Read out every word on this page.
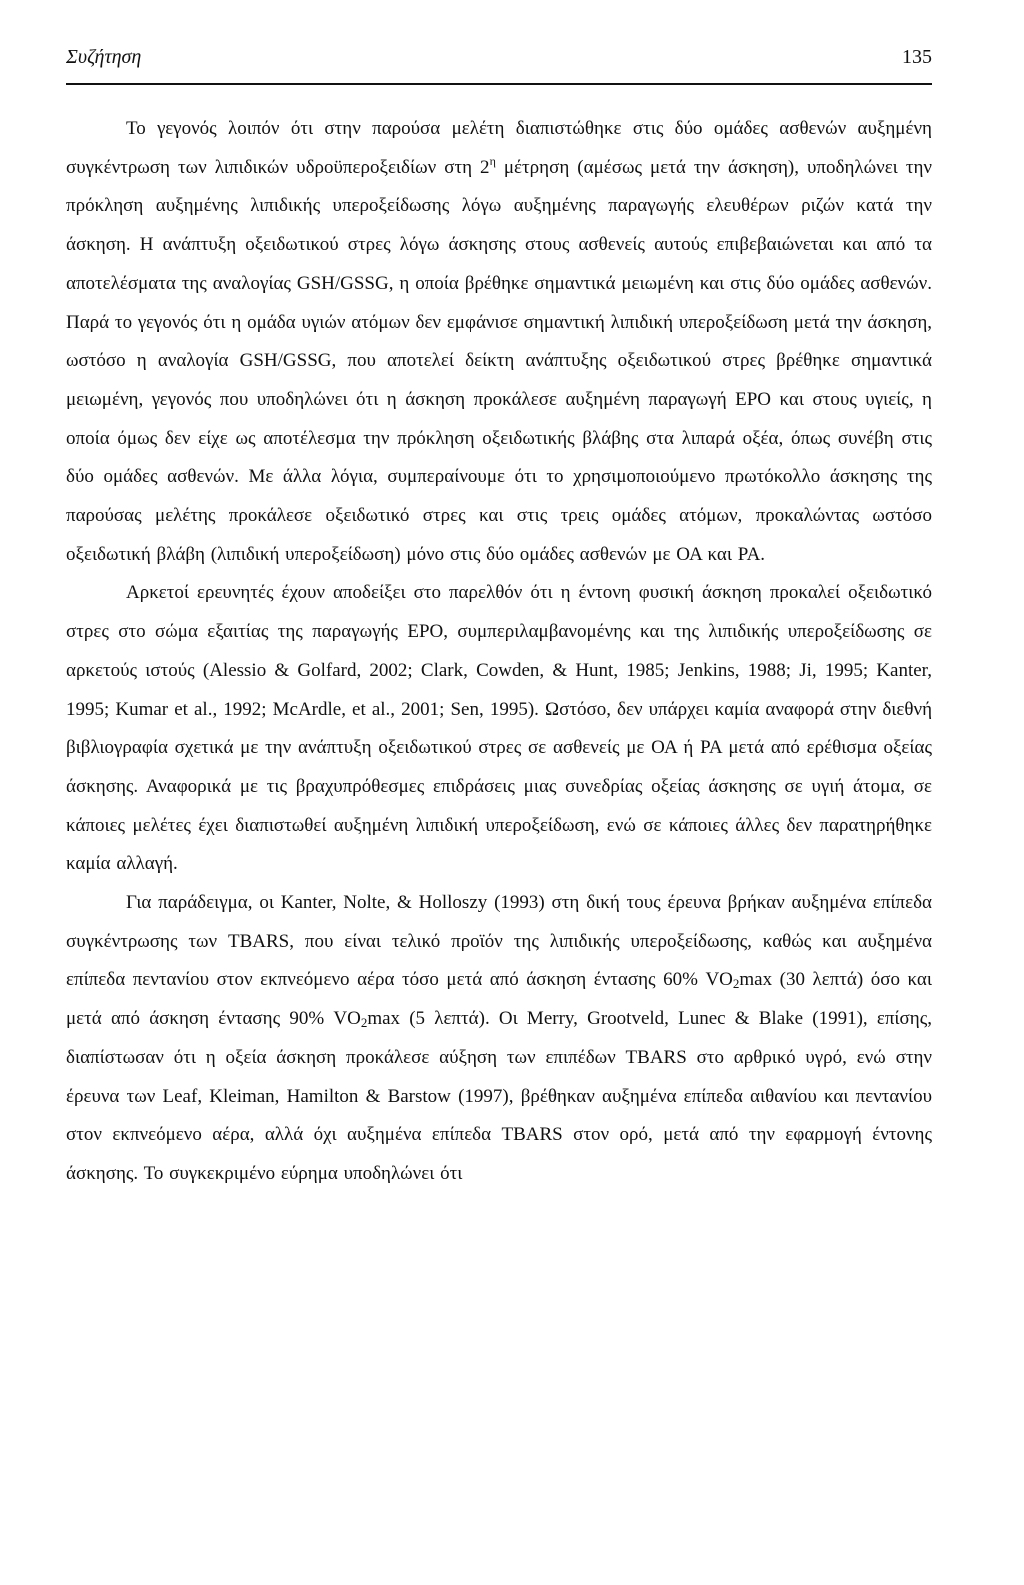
Συζήτηση	135

Το γεγονός λοιπόν ότι στην παρούσα μελέτη διαπιστώθηκε στις δύο ομάδες ασθενών αυξημένη συγκέντρωση των λιπιδικών υδροϋπεροξειδίων στη $2^\eta$ μέτρηση (αμέσως μετά την άσκηση), υποδηλώνει την πρόκληση αυξημένης λιπιδικής υπεροξείδωσης λόγω αυξημένης παραγωγής ελευθέρων ριζών κατά την άσκηση. Η ανάπτυξη οξειδωτικού στρες λόγω άσκησης στους ασθενείς αυτούς επιβεβαιώνεται και από τα αποτελέσματα της αναλογίας GSH/GSSG, η οποία βρέθηκε σημαντικά μειωμένη και στις δύο ομάδες ασθενών. Παρά το γεγονός ότι η ομάδα υγιών ατόμων δεν εμφάνισε σημαντική λιπιδική υπεροξείδωση μετά την άσκηση, ωστόσο η αναλογία GSH/GSSG, που αποτελεί δείκτη ανάπτυξης οξειδωτικού στρες βρέθηκε σημαντικά μειωμένη, γεγονός που υποδηλώνει ότι η άσκηση προκάλεσε αυξημένη παραγωγή ΕΡΟ και στους υγιείς, η οποία όμως δεν είχε ως αποτέλεσμα την πρόκληση οξειδωτικής βλάβης στα λιπαρά οξέα, όπως συνέβη στις δύο ομάδες ασθενών. Με άλλα λόγια, συμπεραίνουμε ότι το χρησιμοποιούμενο πρωτόκολλο άσκησης της παρούσας μελέτης προκάλεσε οξειδωτικό στρες και στις τρεις ομάδες ατόμων, προκαλώντας ωστόσο οξειδωτική βλάβη (λιπιδική υπεροξείδωση) μόνο στις δύο ομάδες ασθενών με ΟΑ και ΡΑ.

Αρκετοί ερευνητές έχουν αποδείξει στο παρελθόν ότι η έντονη φυσική άσκηση προκαλεί οξειδωτικό στρες στο σώμα εξαιτίας της παραγωγής ΕΡΟ, συμπεριλαμβανομένης και της λιπιδικής υπεροξείδωσης σε αρκετούς ιστούς (Alessio & Golfard, 2002; Clark, Cowden, & Hunt, 1985; Jenkins, 1988; Ji, 1995; Kanter, 1995; Kumar et al., 1992; McArdle, et al., 2001; Sen, 1995). Ωστόσο, δεν υπάρχει καμία αναφορά στην διεθνή βιβλιογραφία σχετικά με την ανάπτυξη οξειδωτικού στρες σε ασθενείς με ΟΑ ή ΡΑ μετά από ερέθισμα οξείας άσκησης. Αναφορικά με τις βραχυπρόθεσμες επιδράσεις μιας συνεδρίας οξείας άσκησης σε υγιή άτομα, σε κάποιες μελέτες έχει διαπιστωθεί αυξημένη λιπιδική υπεροξείδωση, ενώ σε κάποιες άλλες δεν παρατηρήθηκε καμία αλλαγή.

Για παράδειγμα, οι Kanter, Nolte, & Holloszy (1993) στη δική τους έρευνα βρήκαν αυξημένα επίπεδα συγκέντρωσης των TBARS, που είναι τελικό προϊόν της λιπιδικής υπεροξείδωσης, καθώς και αυξημένα επίπεδα πεντανίου στον εκπνεόμενο αέρα τόσο μετά από άσκηση έντασης 60% $VO_2\max$ (30 λεπτά) όσο και μετά από άσκηση έντασης 90% $VO_2\max$ (5 λεπτά). Οι Merry, Grootveld, Lunec & Blake (1991), επίσης, διαπίστωσαν ότι η οξεία άσκηση προκάλεσε αύξηση των επιπέδων TBARS στο αρθρικό υγρό, ενώ στην έρευνα των Leaf, Kleiman, Hamilton & Barstow (1997), βρέθηκαν αυξημένα επίπεδα αιθανίου και πεντανίου στον εκπνεόμενο αέρα, αλλά όχι αυξημένα επίπεδα TBARS στον ορό, μετά από την εφαρμογή έντονης άσκησης. Το συγκεκριμένο εύρημα υποδηλώνει ότι
